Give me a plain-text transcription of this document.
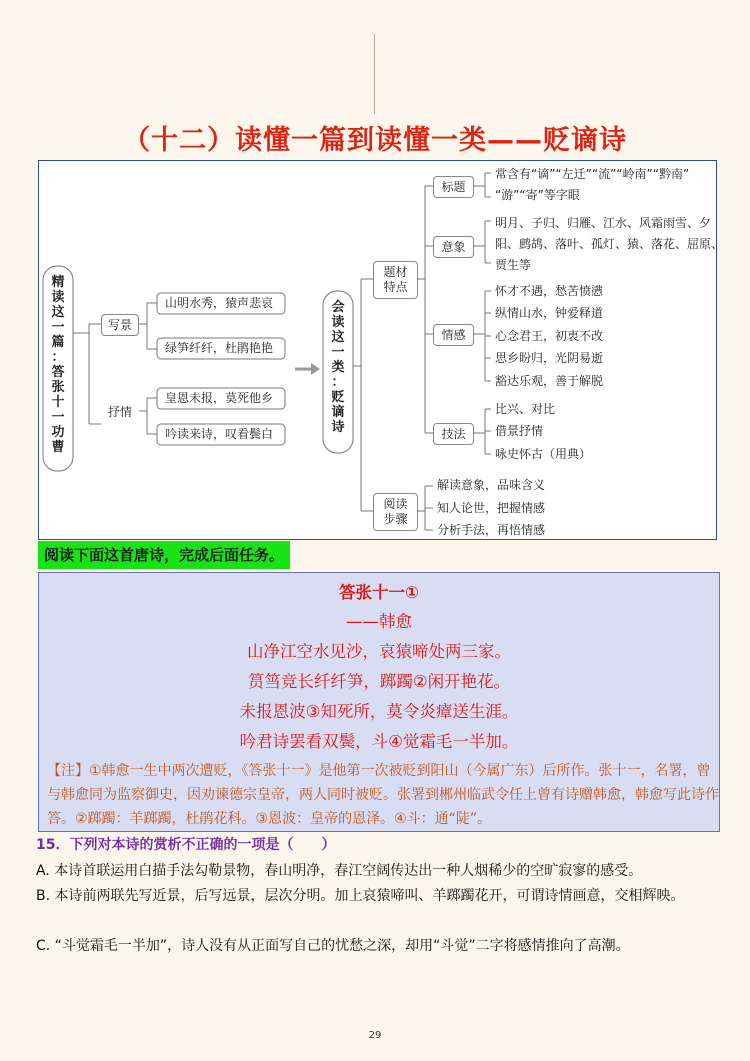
（十二）读懂一篇到读懂一类——贬谪诗
精
读
这
一
篇
：
答
张
十
一
功
曹
写景
抒情
山明水秀，猿声悲哀
绿笋纤纤，杜鹃艳艳
皇恩未报，莫死他乡
吟读来诗，叹看鬓白
会
读
这
一
类
：
贬
谪
诗
题材
特点
阅读
步骤
标题
意象
情感
技法
常含有“谪”“左迁”“流”“岭南”“黔南”
“游”“寄”等字眼
明月、子归、归雁、江水、风霜雨雪、夕
阳、鹧鸪、落叶、孤灯、猿、落花、屈原、
贾生等
怀才不遇，愁苦愤懑
纵情山水，钟爱释道
心念君王，初衷不改
思乡盼归，光阴易逝
豁达乐观，善于解脱
比兴、对比
借景抒情
咏史怀古（用典）
解读意象，品味含义
知人论世，把握情感
分析手法，再悟情感
阅读下面这首唐诗，完成后面任务。
答张十一①
——韩愈
山净江空水见沙，哀猿啼处两三家。
筼筜竞长纤纤笋，踯躅②闲开艳花。
未报恩波③知死所，莫令炎瘴送生涯。
吟君诗罢看双鬓，斗④觉霜毛一半加。
【注】①韩愈一生中两次遭贬，《答张十一》是他第一次被贬到阳山（今属广东）后所作。张十一，名署，曾与韩愈同为监察御史，因劝谏德宗皇帝，两人同时被贬。张署到郴州临武令任上曾有诗赠韩愈，韩愈写此诗作答。②踯躅：羊踯躅，杜鹃花科。③恩波：皇帝的恩泽。④斗：通“陡”。
15．下列对本诗的赏析不正确的一项是（　　）
A. 本诗首联运用白描手法勾勒景物，春山明净，春江空阔传达出一种人烟稀少的空旷寂寥的感受。
B. 本诗前两联先写近景，后写远景，层次分明。加上哀猿啼叫、羊踯躅花开，可谓诗情画意，交相辉映。
C. “斗觉霜毛一半加”，诗人没有从正面写自己的忧愁之深，却用“斗觉”二字将感情推向了高潮。
29
